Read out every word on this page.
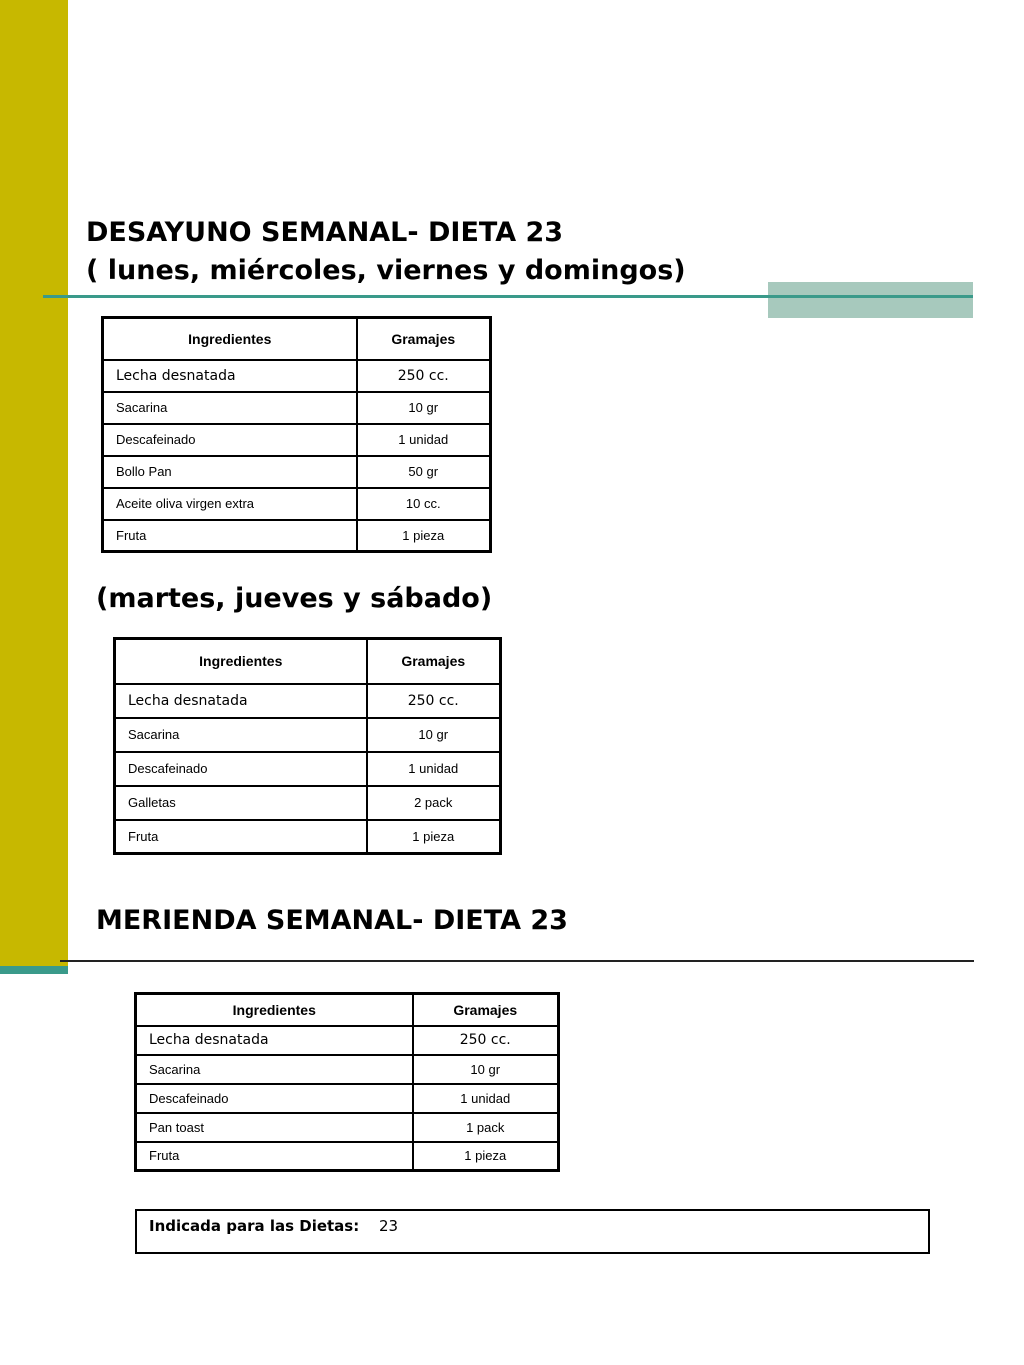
DESAYUNO SEMANAL- DIETA 23
( lunes, miércoles, viernes y domingos)
Ingredientes	Gramajes
Lecha desnatada	250 cc.
Sacarina	10 gr
Descafeinado	1 unidad
Bollo Pan	50 gr
Aceite oliva virgen extra	10 cc.
Fruta	1 pieza
(martes, jueves y sábado)
Ingredientes	Gramajes
Lecha desnatada	250 cc.
Sacarina	10 gr
Descafeinado	1 unidad
Galletas	2 pack
Fruta	1 pieza
MERIENDA SEMANAL- DIETA 23
Ingredientes	Gramajes
Lecha desnatada	250 cc.
Sacarina	10 gr
Descafeinado	1 unidad
Pan toast	1 pack
Fruta	1 pieza
Indicada para las Dietas: 23
